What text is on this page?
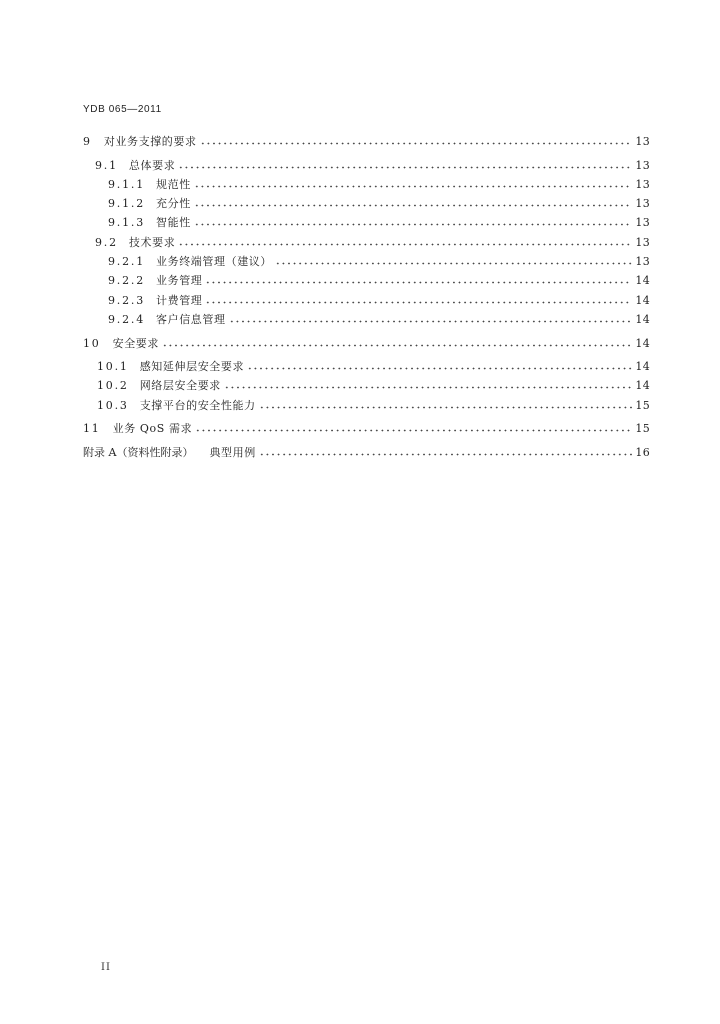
YDB 065—2011
9 对业务支撑的要求	13
9.1 总体要求	13
9.1.1 规范性	13
9.1.2 充分性	13
9.1.3 智能性	13
9.2 技术要求	13
9.2.1 业务终端管理（建议）	13
9.2.2 业务管理	14
9.2.3 计费管理	14
9.2.4 客户信息管理	14
10 安全要求	14
10.1 感知延伸层安全要求	14
10.2 网络层安全要求	14
10.3 支撑平台的安全性能力	15
11 业务 QoS 需求	15
附录 A（资料性附录） 典型用例	16
II
